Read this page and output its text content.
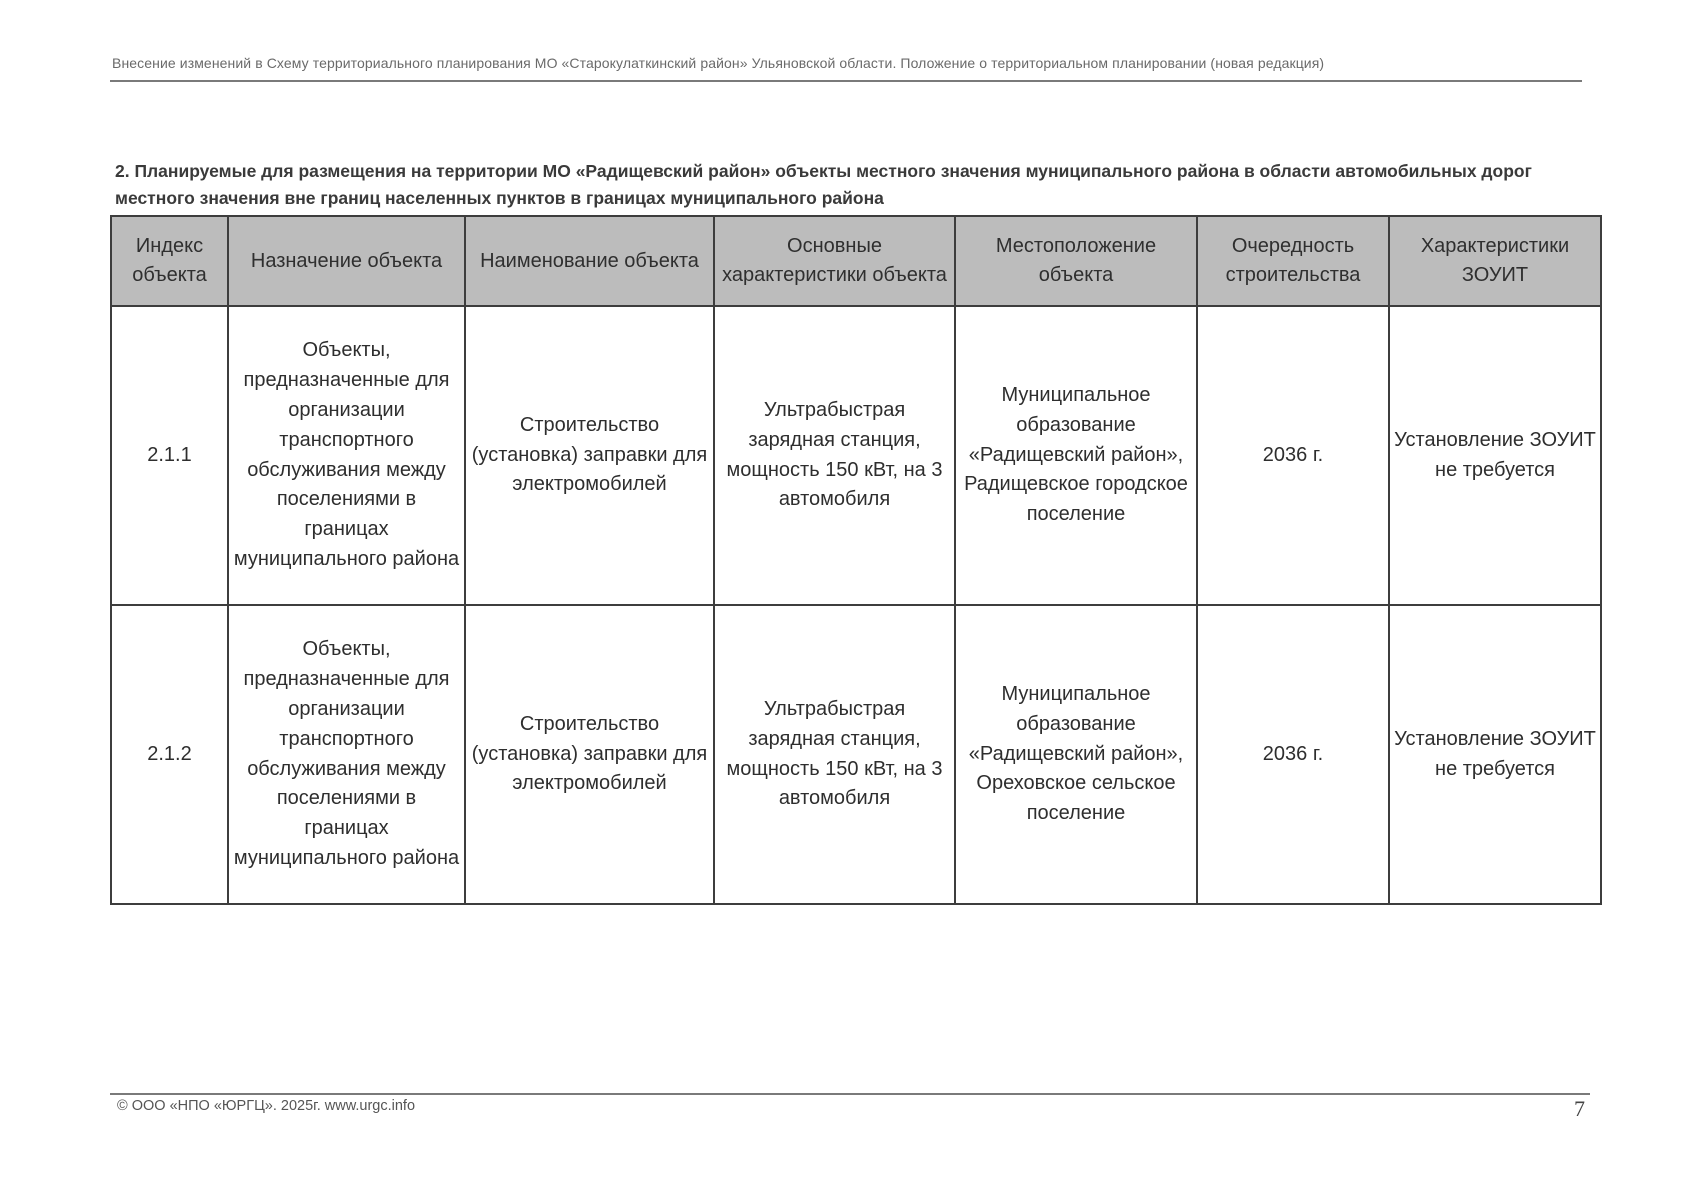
Внесение изменений в Схему территориального планирования МО «Старокулаткинский район» Ульяновской области. Положение о территориальном планировании (новая редакция)
2. Планируемые для размещения на территории МО «Радищевский район» объекты местного значения муниципального района в области автомобильных дорог местного значения вне границ населенных пунктов в границах муниципального района
Индекс объекта	Назначение объекта	Наименование объекта	Основные характеристики объекта	Местоположение объекта	Очередность строительства	Характеристики ЗОУИТ
2.1.1	Объекты, предназначенные для организации транспортного обслуживания между поселениями в границах муниципального района	Строительство (установка) заправки для электромобилей	Ультрабыстрая зарядная станция, мощность 150 кВт, на 3 автомобиля	Муниципальное образование «Радищевский район», Радищевское городское поселение	2036 г.	Установление ЗОУИТ не требуется
2.1.2	Объекты, предназначенные для организации транспортного обслуживания между поселениями в границах муниципального района	Строительство (установка) заправки для электромобилей	Ультрабыстрая зарядная станция, мощность 150 кВт, на 3 автомобиля	Муниципальное образование «Радищевский район», Ореховское сельское поселение	2036 г.	Установление ЗОУИТ не требуется
© ООО «НПО «ЮРГЦ». 2025г. www.urgc.info	7
